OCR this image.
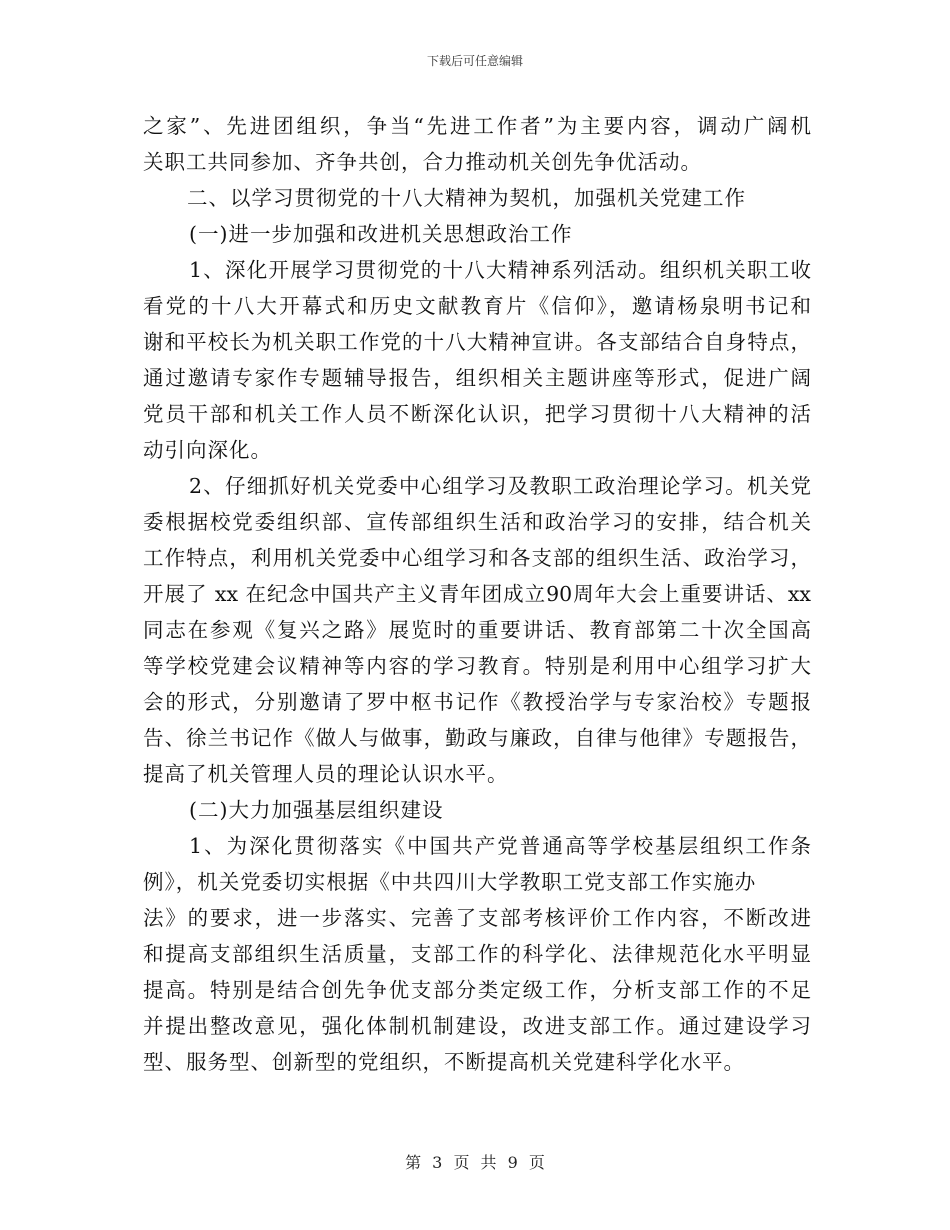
下载后可任意编辑
之家”、先进团组织，争当“先进工作者”为主要内容，调动广阔机
关职工共同参加、齐争共创，合力推动机关创先争优活动。
二、以学习贯彻党的十八大精神为契机，加强机关党建工作
(一)进一步加强和改进机关思想政治工作
1、深化开展学习贯彻党的十八大精神系列活动。组织机关职工收
看党的十八大开幕式和历史文献教育片《信仰》，邀请杨泉明书记和
谢和平校长为机关职工作党的十八大精神宣讲。各支部结合自身特点，
通过邀请专家作专题辅导报告，组织相关主题讲座等形式，促进广阔
党员干部和机关工作人员不断深化认识，把学习贯彻十八大精神的活
动引向深化。
2、仔细抓好机关党委中心组学习及教职工政治理论学习。机关党
委根据校党委组织部、宣传部组织生活和政治学习的安排，结合机关
工作特点，利用机关党委中心组学习和各支部的组织生活、政治学习，
开展了 xx 在纪念中国共产主义青年团成立90周年大会上重要讲话、xx
同志在参观《复兴之路》展览时的重要讲话、教育部第二十次全国高
等学校党建会议精神等内容的学习教育。特别是利用中心组学习扩大
会的形式，分别邀请了罗中枢书记作《教授治学与专家治校》专题报
告、徐兰书记作《做人与做事，勤政与廉政，自律与他律》专题报告，
提高了机关管理人员的理论认识水平。
(二)大力加强基层组织建设
1、为深化贯彻落实《中国共产党普通高等学校基层组织工作条
例》，机关党委切实根据《中共四川大学教职工党支部工作实施办
法》的要求，进一步落实、完善了支部考核评价工作内容，不断改进
和提高支部组织生活质量，支部工作的科学化、法律规范化水平明显
提高。特别是结合创先争优支部分类定级工作，分析支部工作的不足
并提出整改意见，强化体制机制建设，改进支部工作。通过建设学习
型、服务型、创新型的党组织，不断提高机关党建科学化水平。
第 3 页 共 9 页
